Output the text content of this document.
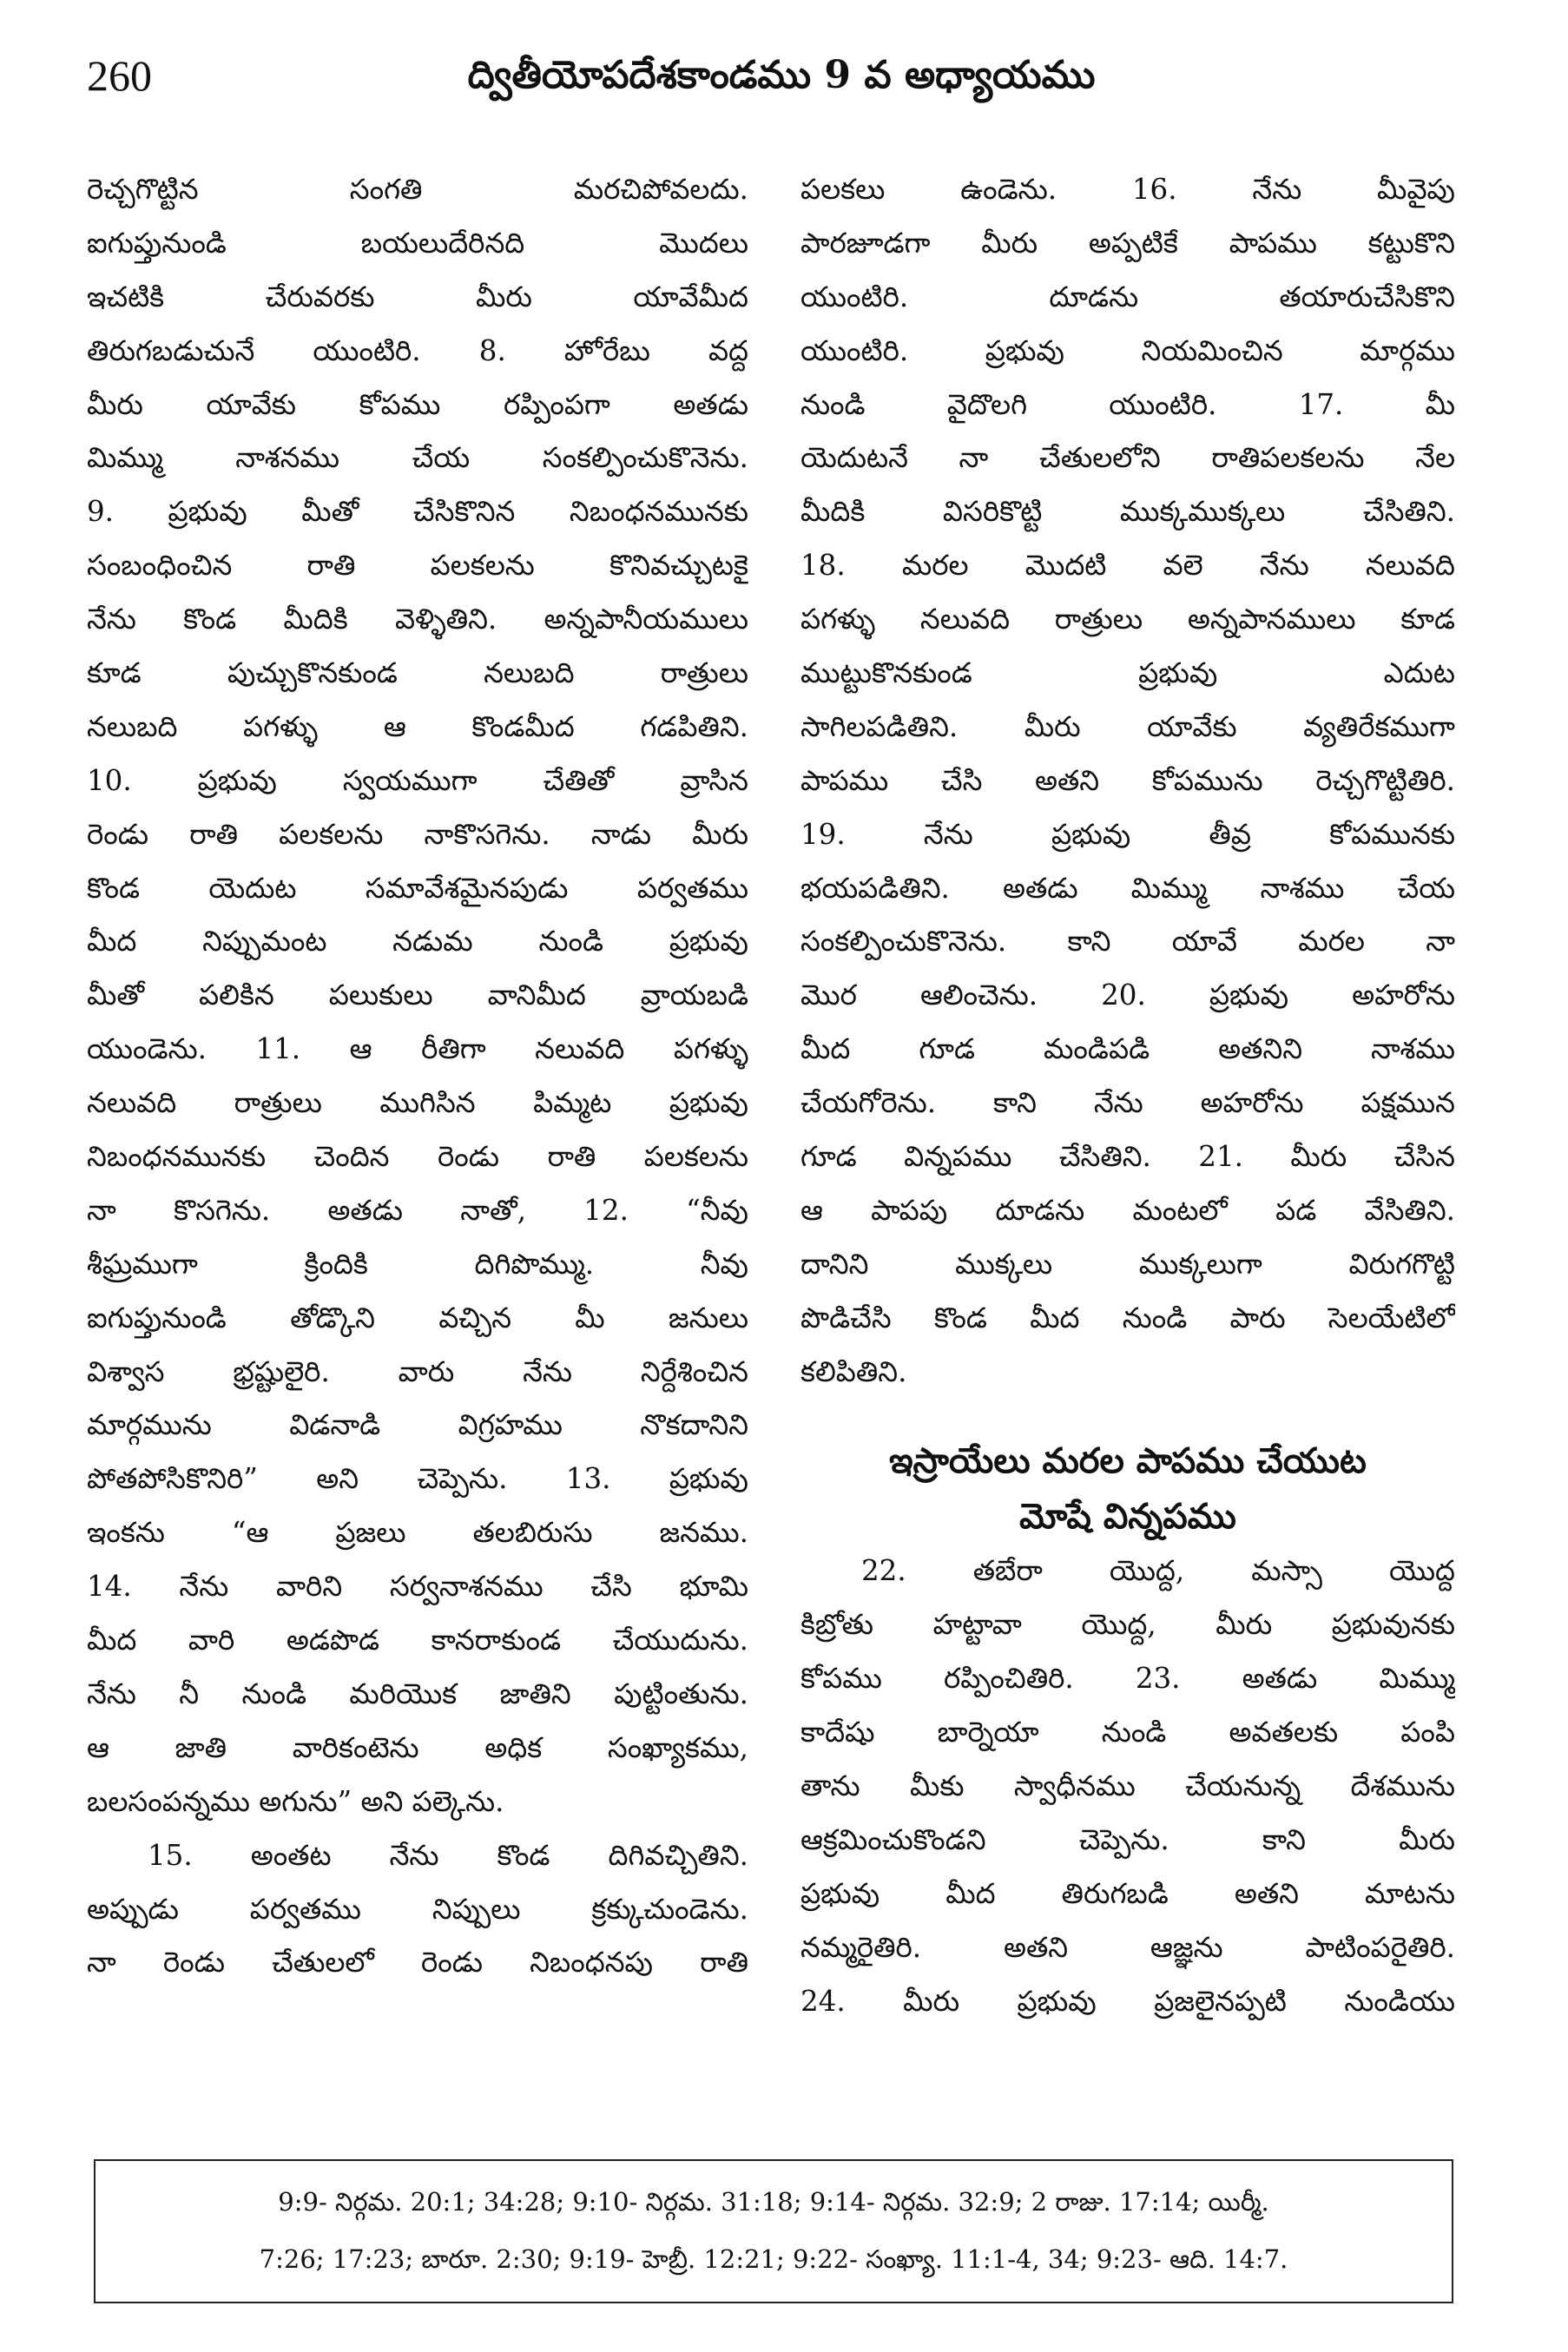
260	ద్వితీయోపదేశకాండము 9 వ అధ్యాయము
రెచ్చగొట్టిన సంగతి మరచిపోవలదు.
ఐగుప్తునుండి బయలుదేరినది మొదలు
ఇచటికి చేరువరకు మీరు యావేమీద
తిరుగబడుచునే యుంటిరి. 8. హోరేబు వద్ద
మీరు యావేకు కోపము రప్పింపగా అతడు
మిమ్ము నాశనము చేయ సంకల్పించుకొనెను.
9. ప్రభువు మీతో చేసికొనిన నిబంధనమునకు
సంబంధించిన రాతి పలకలను కొనివచ్చుటకై
నేను కొండ మీదికి వెళ్ళితిని. అన్నపానీయములు
కూడ పుచ్చుకొనకుండ నలుబది రాత్రులు
నలుబది పగళ్ళు ఆ కొండమీద గడపితిని.
10. ప్రభువు స్వయముగా చేతితో వ్రాసిన
రెండు రాతి పలకలను నాకొసగెను. నాడు మీరు
కొండ యెదుట సమావేశమైనపుడు పర్వతము
మీద నిప్పుమంట నడుమ నుండి ప్రభువు
మీతో పలికిన పలుకులు వానిమీద వ్రాయబడి
యుండెను. 11. ఆ రీతిగా నలువది పగళ్ళు
నలువది రాత్రులు ముగిసిన పిమ్మట ప్రభువు
నిబంధనమునకు చెందిన రెండు రాతి పలకలను
నా కొసగెను. అతడు నాతో, 12. “నీవు
శీఘ్రముగా క్రిందికి దిగిపొమ్ము. నీవు
ఐగుప్తునుండి తోడ్కొని వచ్చిన మీ జనులు
విశ్వాస భ్రష్టులైరి. వారు నేను నిర్దేశించిన
మార్గమును విడనాడి విగ్రహము నొకదానిని
పోతపోసికొనిరి” అని చెప్పెను. 13. ప్రభువు
ఇంకను “ఆ ప్రజలు తలబిరుసు జనము.
14. నేను వారిని సర్వనాశనము చేసి భూమి
మీద వారి అడపొడ కానరాకుండ చేయుదును.
నేను నీ నుండి మరియొక జాతిని పుట్టింతును.
ఆ జాతి వారికంటెను అధిక సంఖ్యాకము,
బలసంపన్నము అగును” అని పల్కెను.
15. అంతట నేను కొండ దిగివచ్చితిని.
అప్పుడు పర్వతము నిప్పులు క్రక్కుచుండెను.
నా రెండు చేతులలో రెండు నిబంధనపు రాతి
పలకలు ఉండెను. 16. నేను మీవైపు
పారజూడగా మీరు అప్పటికే పాపము కట్టుకొని
యుంటిరి. దూడను తయారుచేసికొని
యుంటిరి. ప్రభువు నియమించిన మార్గము
నుండి వైదొలగి యుంటిరి. 17. మీ
యెదుటనే నా చేతులలోని రాతిపలకలను నేల
మీదికి విసరికొట్టి ముక్కముక్కలు చేసితిని.
18. మరల మొదటి వలె నేను నలువది
పగళ్ళు నలువది రాత్రులు అన్నపానములు కూడ
ముట్టుకొనకుండ ప్రభువు ఎదుట
సాగిలపడితిని. మీరు యావేకు వ్యతిరేకముగా
పాపము చేసి అతని కోపమును రెచ్చగొట్టితిరి.
19. నేను ప్రభువు తీవ్ర కోపమునకు
భయపడితిని. అతడు మిమ్ము నాశము చేయ
సంకల్పించుకొనెను. కాని యావే మరల నా
మొర ఆలించెను. 20. ప్రభువు అహరోను
మీద గూడ మండిపడి అతనిని నాశము
చేయగోరెను. కాని నేను అహరోను పక్షమున
గూడ విన్నపము చేసితిని. 21. మీరు చేసిన
ఆ పాపపు దూడను మంటలో పడ వేసితిని.
దానిని ముక్కలు ముక్కలుగా విరుగగొట్టి
పొడిచేసి కొండ మీద నుండి పారు సెలయేటిలో
కలిపితిని.
ఇస్రాయేలు మరల పాపము చేయుట
మోషే విన్నపము
22. తబేరా యొద్ద, మస్సా యొద్ద
కిబ్రోతు హట్టావా యొద్ద, మీరు ప్రభువునకు
కోపము రప్పించితిరి. 23. అతడు మిమ్ము
కాదేషు బార్నెయా నుండి అవతలకు పంపి
తాను మీకు స్వాధీనము చేయనున్న దేశమును
ఆక్రమించుకొండని చెప్పెను. కాని మీరు
ప్రభువు మీద తిరుగబడి అతని మాటను
నమ్మరైతిరి. అతని ఆజ్ఞను పాటింపరైతిరి.
24. మీరు ప్రభువు ప్రజలైనప్పటి నుండియు
9:9- నిర్గమ. 20:1; 34:28; 9:10- నిర్గమ. 31:18; 9:14- నిర్గమ. 32:9; 2 రాజు. 17:14; యిర్మీ.
7:26; 17:23; బారూ. 2:30; 9:19- హెబ్రీ. 12:21; 9:22- సంఖ్యా. 11:1-4, 34; 9:23- ఆది. 14:7.
